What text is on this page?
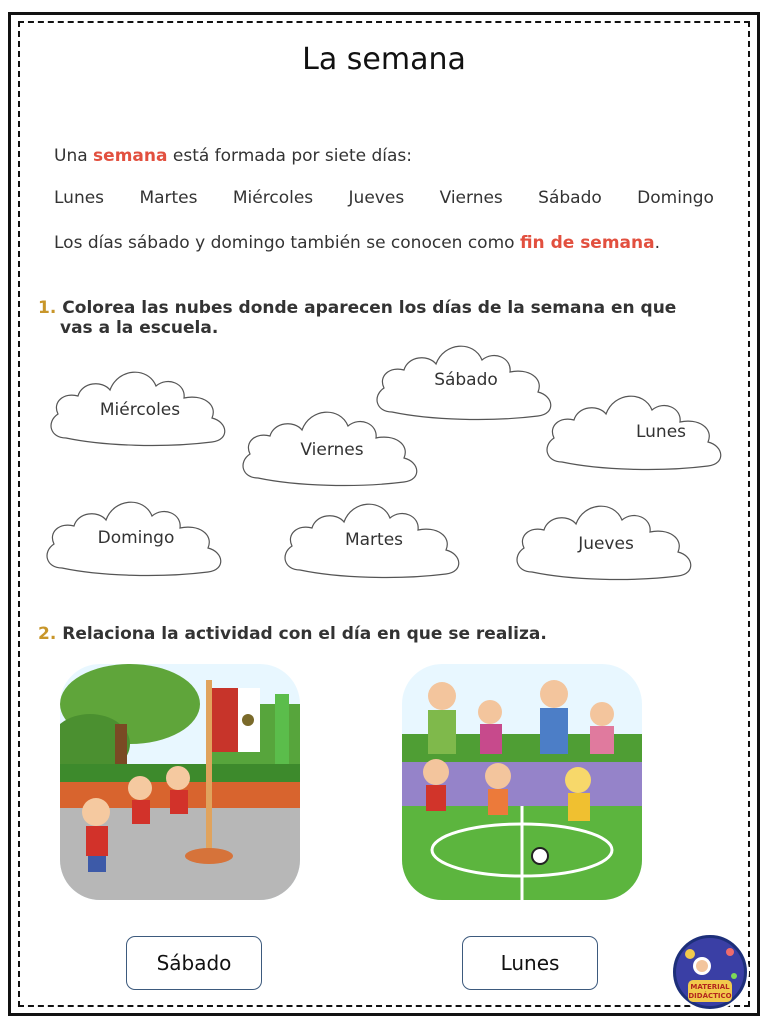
La semana
Una semana está formada por siete días:
Lunes Martes Miércoles Jueves Viernes Sábado Domingo
Los días sábado y domingo también se conocen como fin de semana.
1. Colorea las nubes donde aparecen los días de la semana en que
vas a la escuela.
Miércoles
Sábado
Viernes
Lunes
Domingo	Martes	Jueves
2. Relaciona la actividad con el día en que se realiza.
Sábado	Lunes
MATERIAL
DIDÁCTICO
